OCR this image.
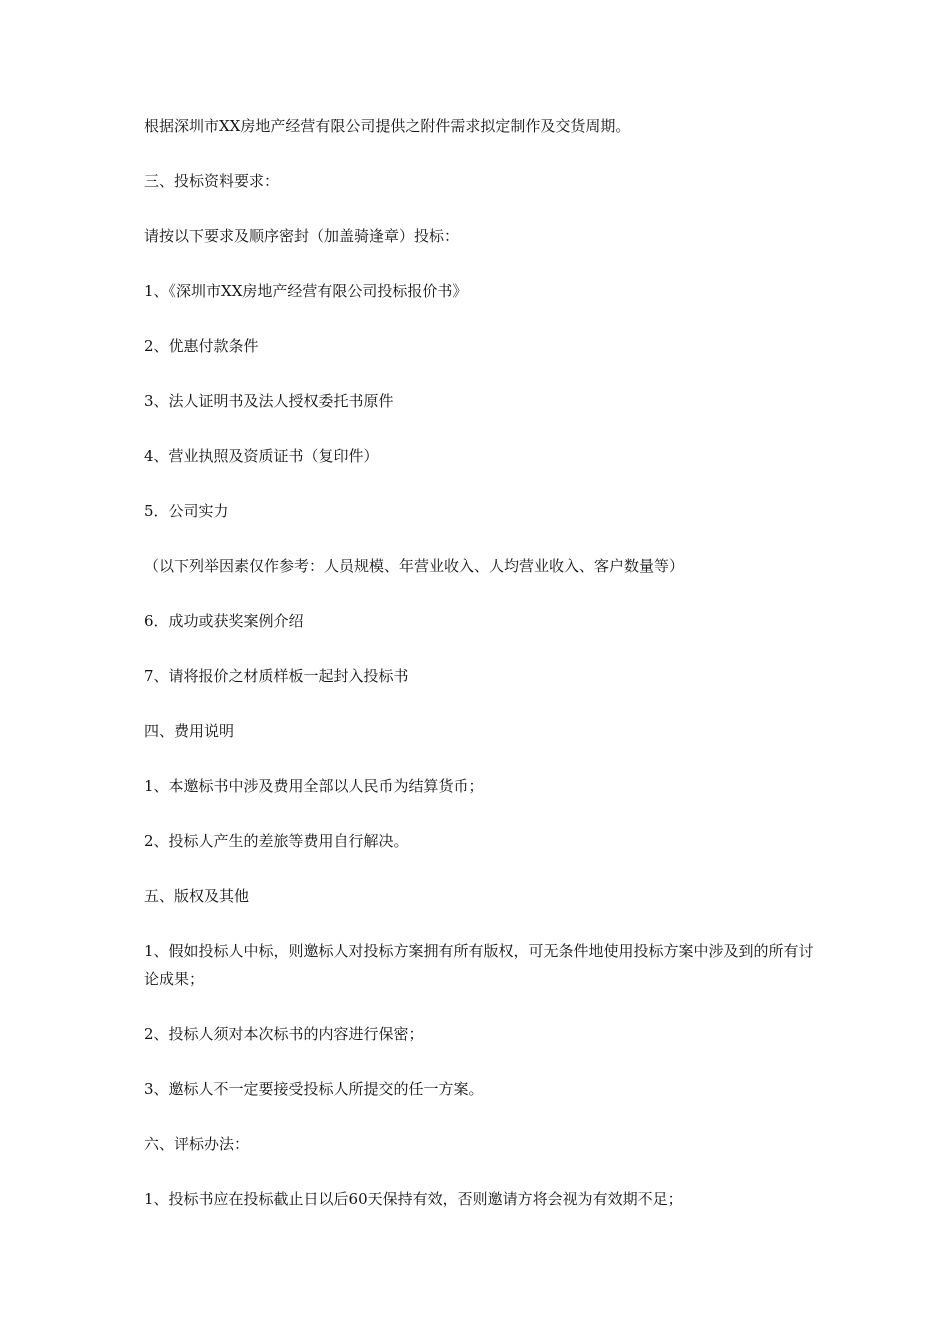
根据深圳市XX房地产经营有限公司提供之附件需求拟定制作及交货周期。

三、投标资料要求：

请按以下要求及顺序密封（加盖骑逢章）投标：

1、《深圳市XX房地产经营有限公司投标报价书》

2、优惠付款条件

3、法人证明书及法人授权委托书原件

4、营业执照及资质证书（复印件）

5．公司实力

（以下列举因素仅作参考：人员规模、年营业收入、人均营业收入、客户数量等）

6．成功或获奖案例介绍

7、请将报价之材质样板一起封入投标书

四、费用说明

1、本邀标书中涉及费用全部以人民币为结算货币；

2、投标人产生的差旅等费用自行解决。

五、版权及其他

1、假如投标人中标，则邀标人对投标方案拥有所有版权，可无条件地使用投标方案中涉及到的所有讨论成果；

2、投标人须对本次标书的内容进行保密；

3、邀标人不一定要接受投标人所提交的任一方案。

六、评标办法：

1、投标书应在投标截止日以后60天保持有效，否则邀请方将会视为有效期不足；
